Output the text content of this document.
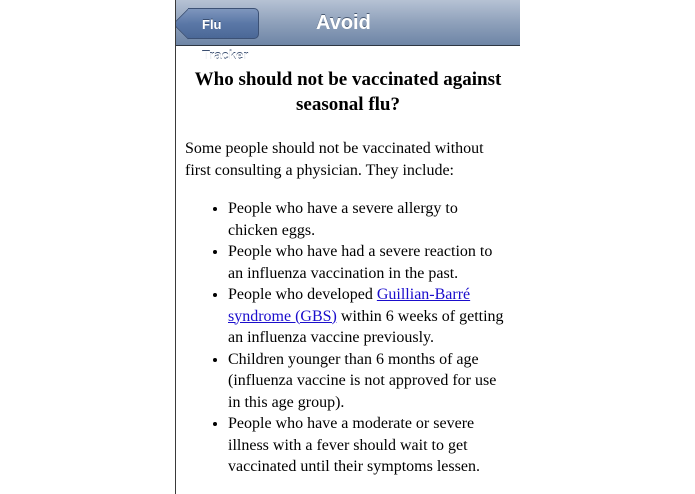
Flu Tracker
Avoid
Who should not be vaccinated against seasonal flu?

Some people should not be vaccinated without first consulting a physician. They include:

• People who have a severe allergy to chicken eggs.
• People who have had a severe reaction to an influenza vaccination in the past.
• People who developed Guillian-Barré syndrome (GBS) within 6 weeks of getting an influenza vaccine previously.
• Children younger than 6 months of age (influenza vaccine is not approved for use in this age group).
• People who have a moderate or severe illness with a fever should wait to get vaccinated until their symptoms lessen.
